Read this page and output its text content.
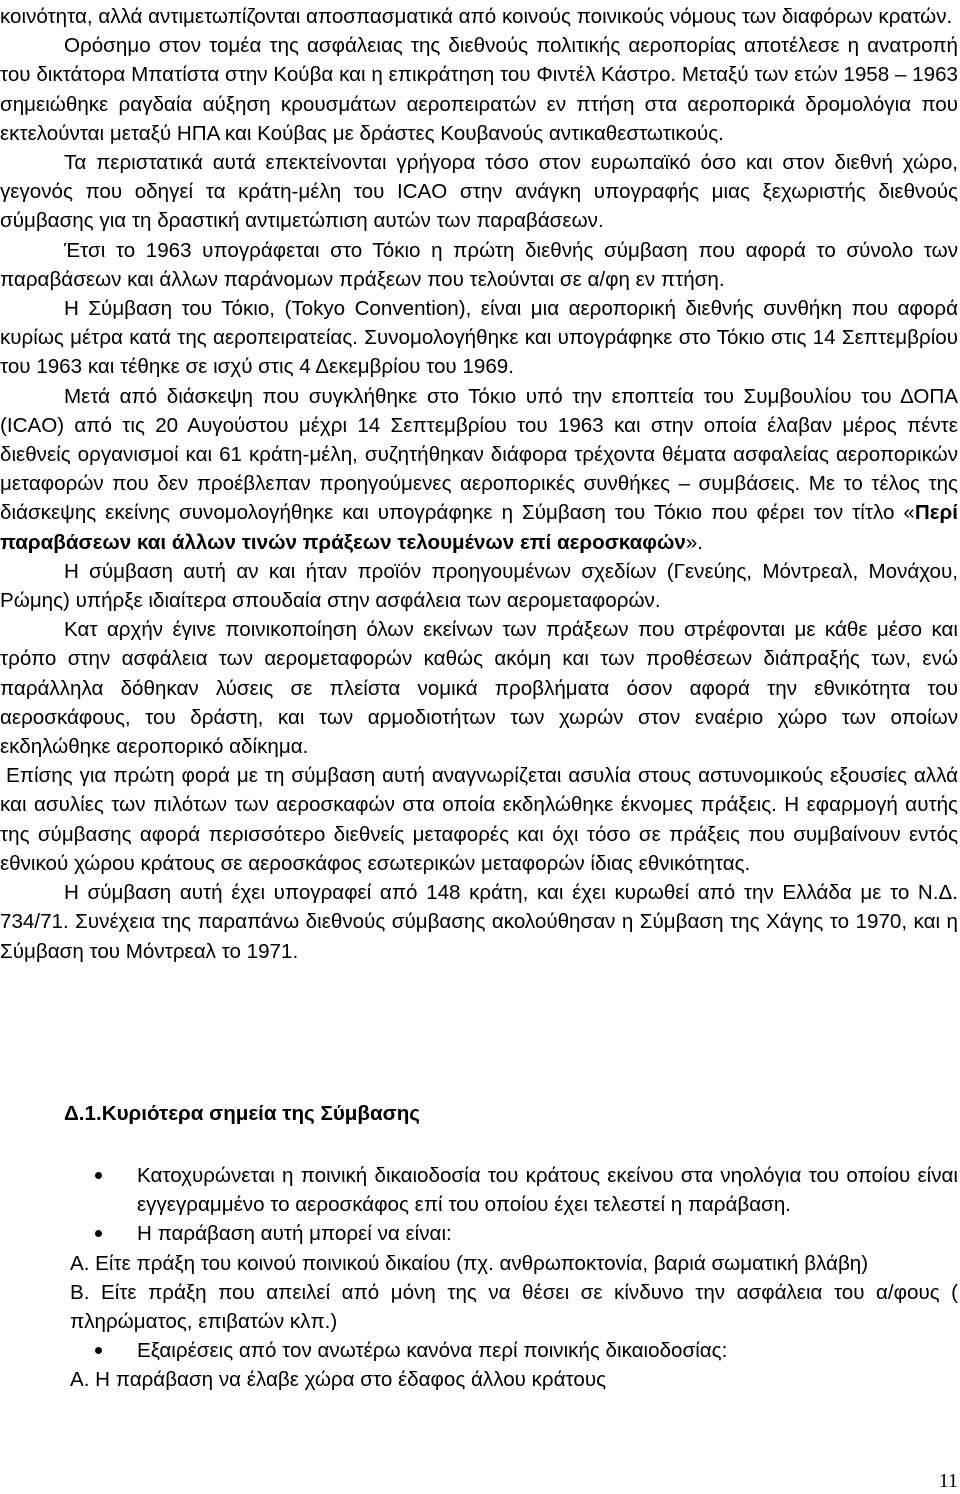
κοινότητα, αλλά αντιμετωπίζονται αποσπασματικά από κοινούς ποινικούς νόμους των διαφόρων κρατών.

Ορόσημο στον τομέα της ασφάλειας της διεθνούς πολιτικής αεροπορίας αποτέλεσε η ανατροπή του δικτάτορα Μπατίστα στην Κούβα και η επικράτηση του Φιντέλ Κάστρο. Μεταξύ των ετών 1958 – 1963 σημειώθηκε ραγδαία αύξηση κρουσμάτων αεροπειρατών εν πτήση στα αεροπορικά δρομολόγια που εκτελούνται μεταξύ ΗΠΑ και Κούβας με δράστες Κουβανούς αντικαθεστωτικούς.

Τα περιστατικά αυτά επεκτείνονται γρήγορα τόσο στον ευρωπαϊκό όσο και στον διεθνή χώρο, γεγονός που οδηγεί τα κράτη-μέλη του ICAO στην ανάγκη υπογραφής μιας ξεχωριστής διεθνούς σύμβασης για τη δραστική αντιμετώπιση αυτών των παραβάσεων.

Έτσι το 1963 υπογράφεται στο Τόκιο η πρώτη διεθνής σύμβαση που αφορά το σύνολο των παραβάσεων και άλλων παράνομων πράξεων που τελούνται σε α/φη εν πτήση.

Η Σύμβαση του Τόκιο, (Tokyo Convention), είναι μια αεροπορική διεθνής συνθήκη που αφορά κυρίως μέτρα κατά της αεροπειρατείας. Συνομολογήθηκε και υπογράφηκε στο Τόκιο στις 14 Σεπτεμβρίου του 1963 και τέθηκε σε ισχύ στις 4 Δεκεμβρίου του 1969.

Μετά από διάσκεψη που συγκλήθηκε στο Τόκιο υπό την εποπτεία του Συμβουλίου του ΔΟΠΑ (ICAO) από τις 20 Αυγούστου μέχρι 14 Σεπτεμβρίου του 1963 και στην οποία έλαβαν μέρος πέντε διεθνείς οργανισμοί και 61 κράτη-μέλη, συζητήθηκαν διάφορα τρέχοντα θέματα ασφαλείας αεροπορικών μεταφορών που δεν προέβλεπαν προηγούμενες αεροπορικές συνθήκες – συμβάσεις. Με το τέλος της διάσκεψης εκείνης συνομολογήθηκε και υπογράφηκε η Σύμβαση του Τόκιο που φέρει τον τίτλο «Περί παραβάσεων και άλλων τινών πράξεων τελουμένων επί αεροσκαφών».

Η σύμβαση αυτή αν και ήταν προϊόν προηγουμένων σχεδίων (Γενεύης, Μόντρεαλ, Μονάχου, Ρώμης) υπήρξε ιδιαίτερα σπουδαία στην ασφάλεια των αερομεταφορών.

Κατ αρχήν έγινε ποινικοποίηση όλων εκείνων των πράξεων που στρέφονται με κάθε μέσο και τρόπο στην ασφάλεια των αερομεταφορών καθώς ακόμη και των προθέσεων διάπραξής των, ενώ παράλληλα δόθηκαν λύσεις σε πλείστα νομικά προβλήματα όσον αφορά την εθνικότητα του αεροσκάφους, του δράστη, και των αρμοδιοτήτων των χωρών στον εναέριο χώρο των οποίων εκδηλώθηκε αεροπορικό αδίκημα.

Επίσης για πρώτη φορά με τη σύμβαση αυτή αναγνωρίζεται ασυλία στους αστυνομικούς εξουσίες αλλά και ασυλίες των πιλότων των αεροσκαφών στα οποία εκδηλώθηκε έκνομες πράξεις. Η εφαρμογή αυτής της σύμβασης αφορά περισσότερο διεθνείς μεταφορές και όχι τόσο σε πράξεις που συμβαίνουν εντός εθνικού χώρου κράτους σε αεροσκάφος εσωτερικών μεταφορών ίδιας εθνικότητας.

Η σύμβαση αυτή έχει υπογραφεί από 148 κράτη, και έχει κυρωθεί από την Ελλάδα με το Ν.Δ. 734/71. Συνέχεια της παραπάνω διεθνούς σύμβασης ακολούθησαν η Σύμβαση της Χάγης το 1970, και η Σύμβαση του Μόντρεαλ το 1971.

Δ.1.Κυριότερα σημεία της Σύμβασης
Κατοχυρώνεται η ποινική δικαιοδοσία του κράτους εκείνου στα νηολόγια του οποίου είναι εγγεγραμμένο το αεροσκάφος επί του οποίου έχει τελεστεί η παράβαση.
Η παράβαση αυτή μπορεί να είναι:
Α. Είτε πράξη του κοινού ποινικού δικαίου (πχ. ανθρωποκτονία, βαριά σωματική βλάβη)
Β. Είτε πράξη που απειλεί από μόνη της να θέσει σε κίνδυνο την ασφάλεια του α/φους ( πληρώματος, επιβατών κλπ.)
Εξαιρέσεις από τον ανωτέρω κανόνα περί ποινικής δικαιοδοσίας:
Α. Η παράβαση να έλαβε χώρα στο έδαφος άλλου κράτους
11
